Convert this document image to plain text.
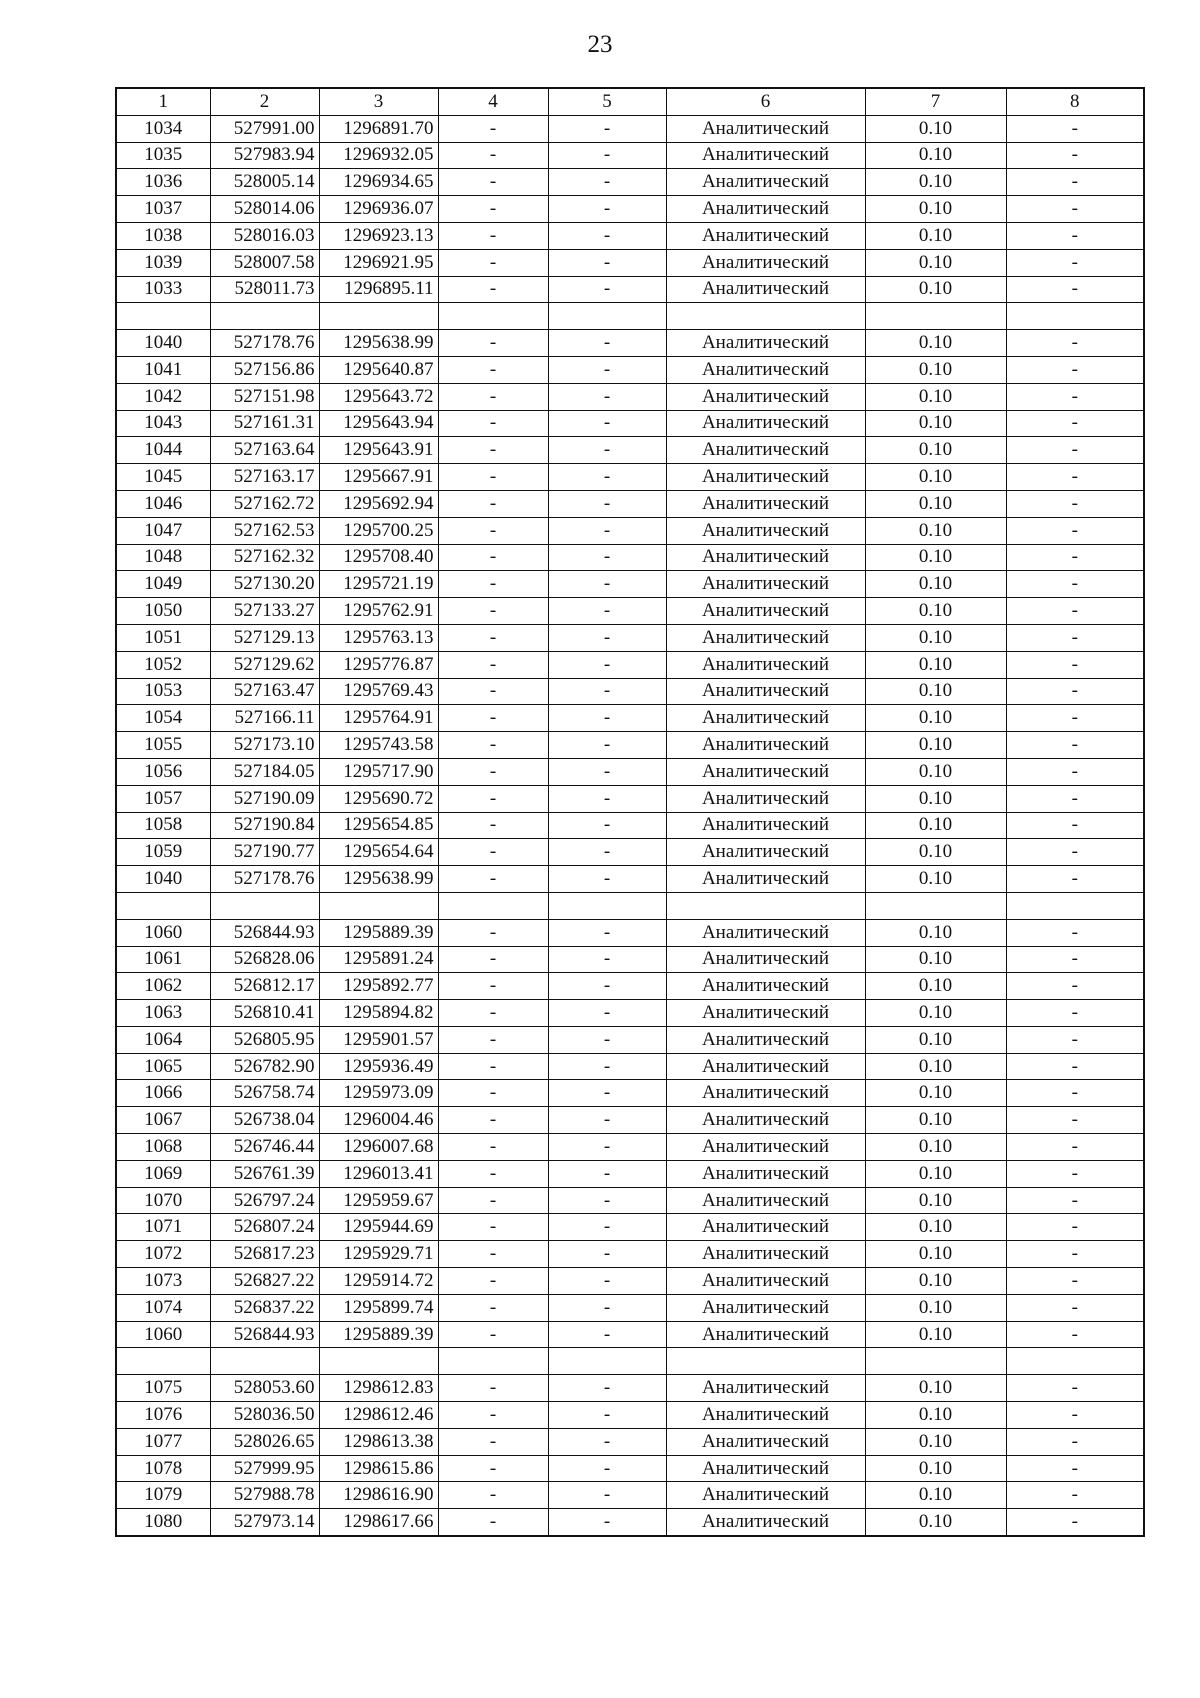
23
1	2	3	4	5	6	7	8
1034	527991.00	1296891.70	-	-	Аналитический	0.10	-
1035	527983.94	1296932.05	-	-	Аналитический	0.10	-
1036	528005.14	1296934.65	-	-	Аналитический	0.10	-
1037	528014.06	1296936.07	-	-	Аналитический	0.10	-
1038	528016.03	1296923.13	-	-	Аналитический	0.10	-
1039	528007.58	1296921.95	-	-	Аналитический	0.10	-
1033	528011.73	1296895.11	-	-	Аналитический	0.10	-

1040	527178.76	1295638.99	-	-	Аналитический	0.10	-
1041	527156.86	1295640.87	-	-	Аналитический	0.10	-
1042	527151.98	1295643.72	-	-	Аналитический	0.10	-
1043	527161.31	1295643.94	-	-	Аналитический	0.10	-
1044	527163.64	1295643.91	-	-	Аналитический	0.10	-
1045	527163.17	1295667.91	-	-	Аналитический	0.10	-
1046	527162.72	1295692.94	-	-	Аналитический	0.10	-
1047	527162.53	1295700.25	-	-	Аналитический	0.10	-
1048	527162.32	1295708.40	-	-	Аналитический	0.10	-
1049	527130.20	1295721.19	-	-	Аналитический	0.10	-
1050	527133.27	1295762.91	-	-	Аналитический	0.10	-
1051	527129.13	1295763.13	-	-	Аналитический	0.10	-
1052	527129.62	1295776.87	-	-	Аналитический	0.10	-
1053	527163.47	1295769.43	-	-	Аналитический	0.10	-
1054	527166.11	1295764.91	-	-	Аналитический	0.10	-
1055	527173.10	1295743.58	-	-	Аналитический	0.10	-
1056	527184.05	1295717.90	-	-	Аналитический	0.10	-
1057	527190.09	1295690.72	-	-	Аналитический	0.10	-
1058	527190.84	1295654.85	-	-	Аналитический	0.10	-
1059	527190.77	1295654.64	-	-	Аналитический	0.10	-
1040	527178.76	1295638.99	-	-	Аналитический	0.10	-

1060	526844.93	1295889.39	-	-	Аналитический	0.10	-
1061	526828.06	1295891.24	-	-	Аналитический	0.10	-
1062	526812.17	1295892.77	-	-	Аналитический	0.10	-
1063	526810.41	1295894.82	-	-	Аналитический	0.10	-
1064	526805.95	1295901.57	-	-	Аналитический	0.10	-
1065	526782.90	1295936.49	-	-	Аналитический	0.10	-
1066	526758.74	1295973.09	-	-	Аналитический	0.10	-
1067	526738.04	1296004.46	-	-	Аналитический	0.10	-
1068	526746.44	1296007.68	-	-	Аналитический	0.10	-
1069	526761.39	1296013.41	-	-	Аналитический	0.10	-
1070	526797.24	1295959.67	-	-	Аналитический	0.10	-
1071	526807.24	1295944.69	-	-	Аналитический	0.10	-
1072	526817.23	1295929.71	-	-	Аналитический	0.10	-
1073	526827.22	1295914.72	-	-	Аналитический	0.10	-
1074	526837.22	1295899.74	-	-	Аналитический	0.10	-
1060	526844.93	1295889.39	-	-	Аналитический	0.10	-

1075	528053.60	1298612.83	-	-	Аналитический	0.10	-
1076	528036.50	1298612.46	-	-	Аналитический	0.10	-
1077	528026.65	1298613.38	-	-	Аналитический	0.10	-
1078	527999.95	1298615.86	-	-	Аналитический	0.10	-
1079	527988.78	1298616.90	-	-	Аналитический	0.10	-
1080	527973.14	1298617.66	-	-	Аналитический	0.10	-
